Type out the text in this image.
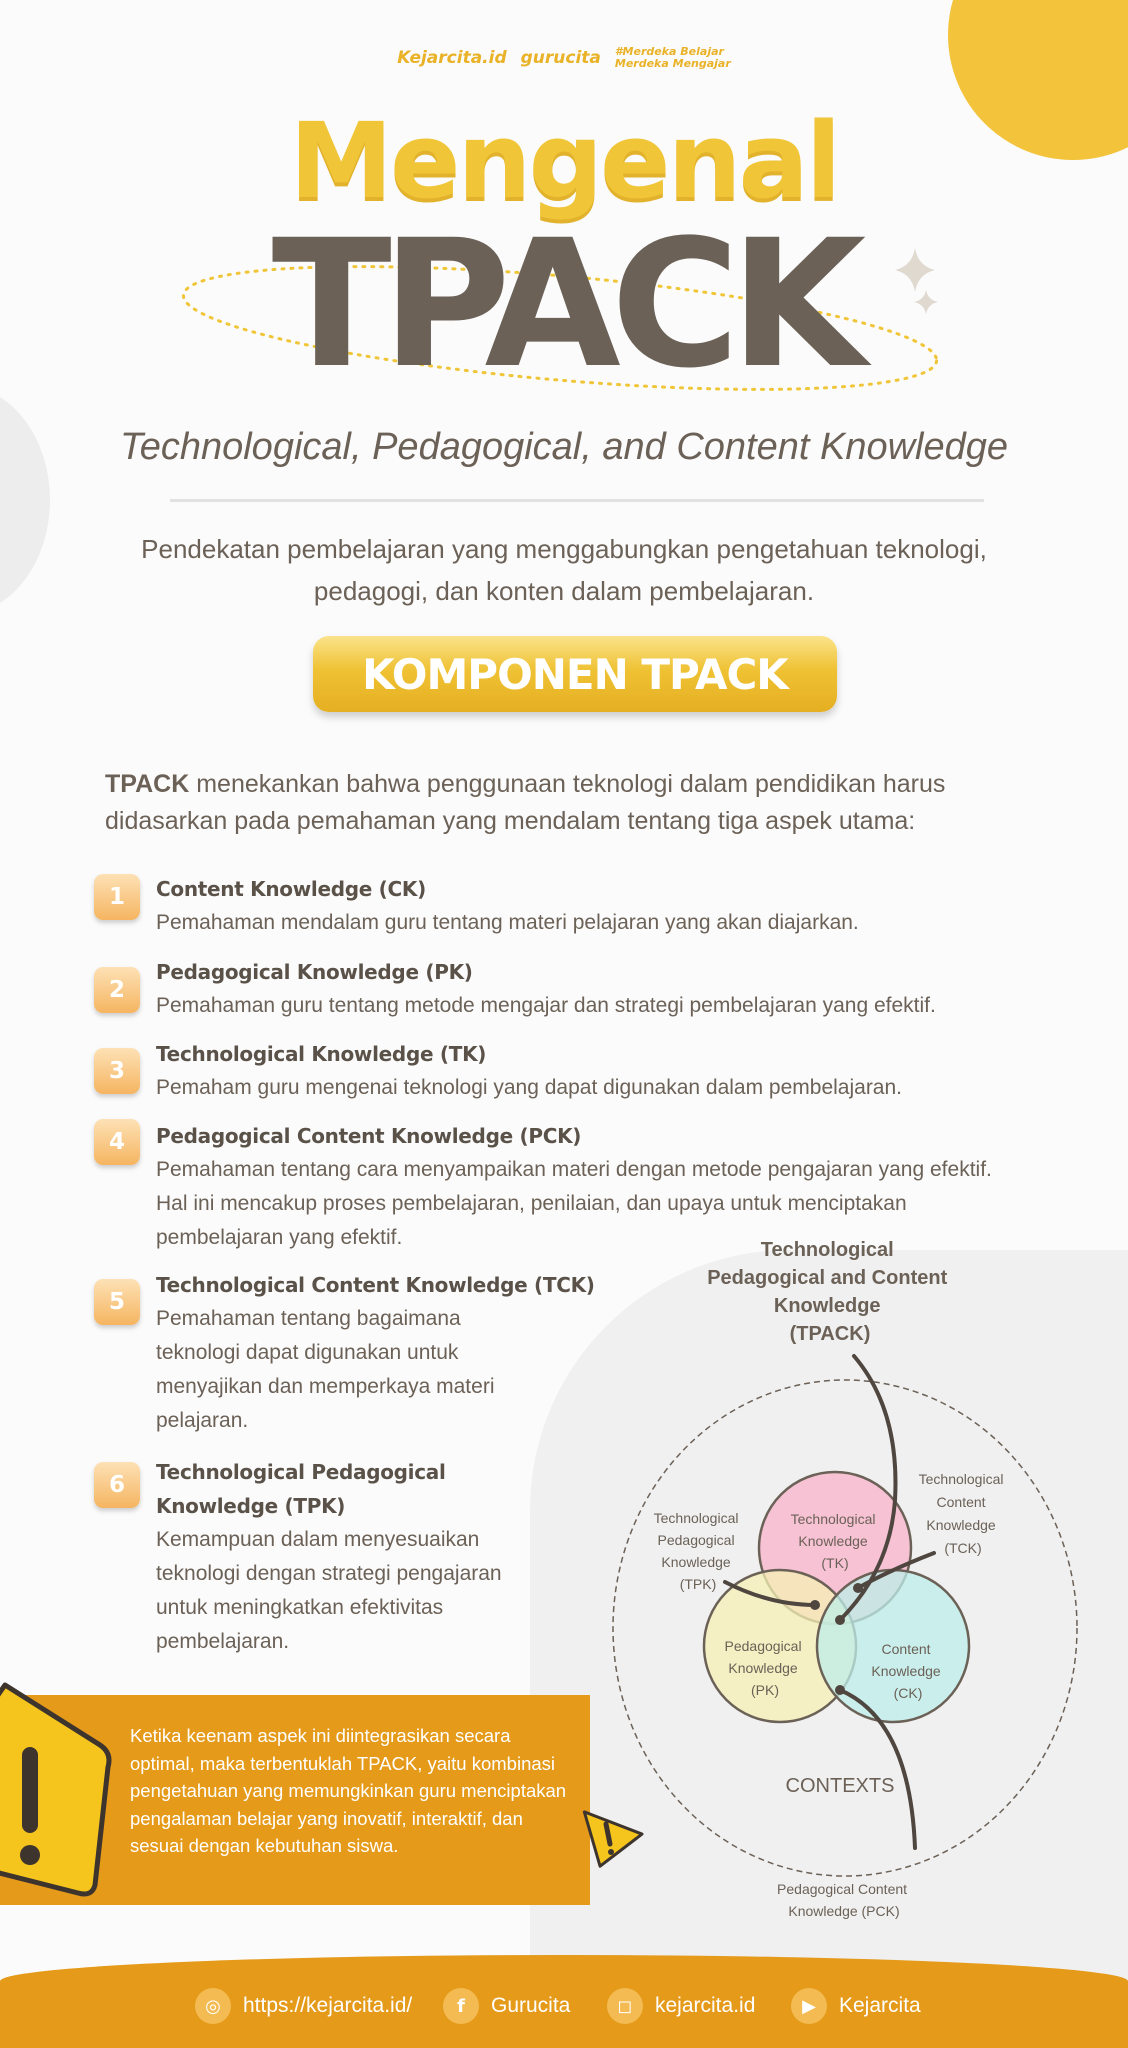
Kejarcita.id gurucita #Merdeka Belajar
Merdeka Mengajar
Mengenal
TPACK
Technological, Pedagogical, and Content Knowledge
Pendekatan pembelajaran yang menggabungkan pengetahuan teknologi, pedagogi, dan konten dalam pembelajaran.
KOMPONEN TPACK
TPACK menekankan bahwa penggunaan teknologi dalam pendidikan harus didasarkan pada pemahaman yang mendalam tentang tiga aspek utama:
1	Content Knowledge (CK)
Pemahaman mendalam guru tentang materi pelajaran yang akan diajarkan.
2
Pedagogical Knowledge (PK)
Pemahaman guru tentang metode mengajar dan strategi pembelajaran yang efektif.
3
Technological Knowledge (TK)
Pemaham guru mengenai teknologi yang dapat digunakan dalam pembelajaran.
4	Pedagogical Content Knowledge (PCK)
Pemahaman tentang cara menyampaikan materi dengan metode pengajaran yang efektif. Hal ini mencakup proses pembelajaran, penilaian, dan upaya untuk menciptakan pembelajaran yang efektif.
5
Technological Content Knowledge (TCK)
Pemahaman tentang bagaimana teknologi dapat digunakan untuk menyajikan dan memperkaya materi pelajaran.
6	Technological Pedagogical Knowledge (TPK)
Kemampuan dalam menyesuaikan teknologi dengan strategi pengajaran untuk meningkatkan efektivitas pembelajaran.
Technological Pedagogical and Content Knowledge (TPACK)
Technological Knowledge (TK)
Pedagogical Knowledge (PK)
Content Knowledge (CK)
Technological Pedagogical Knowledge (TPK)
Technological Content Knowledge (TCK)
CONTEXTS
Pedagogical Content Knowledge (PCK)
Ketika keenam aspek ini diintegrasikan secara optimal, maka terbentuklah TPACK, yaitu kombinasi pengetahuan yang memungkinkan guru menciptakan pengalaman belajar yang inovatif, interaktif, dan sesuai dengan kebutuhan siswa.
◎	https://kejarcita.id/	f	Gurucita	◻	kejarcita.id	▶	Kejarcita
